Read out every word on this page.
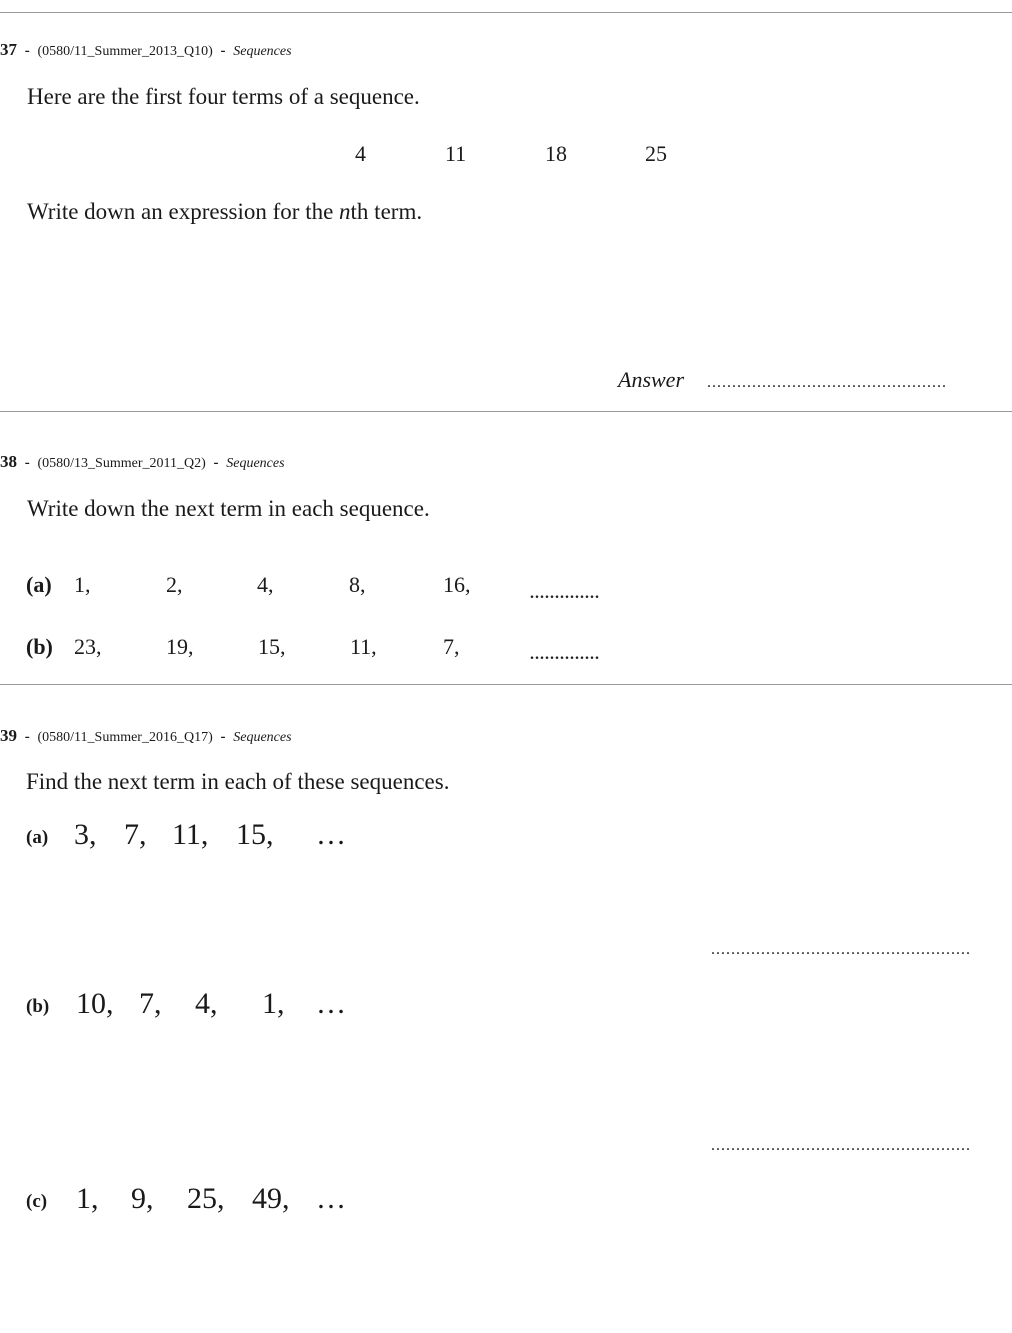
37 - (0580/11_Summer_2013_Q10) - Sequences
Here are the first four terms of a sequence.
4	11	18	25
Write down an expression for the nth term.
Answer ................................................
38 - (0580/13_Summer_2011_Q2) - Sequences
Write down the next term in each sequence.
(a) 1,	2,	4,	8,	16,	..............
(b) 23,	19,	15,	11,	7,	..............
39 - (0580/11_Summer_2016_Q17) - Sequences
Find the next term in each of these sequences.
(a) 3, 7, 11, 15, …
....................................................
(b) 10, 7, 4, 1, …
....................................................
(c) 1, 9, 25, 49, …
